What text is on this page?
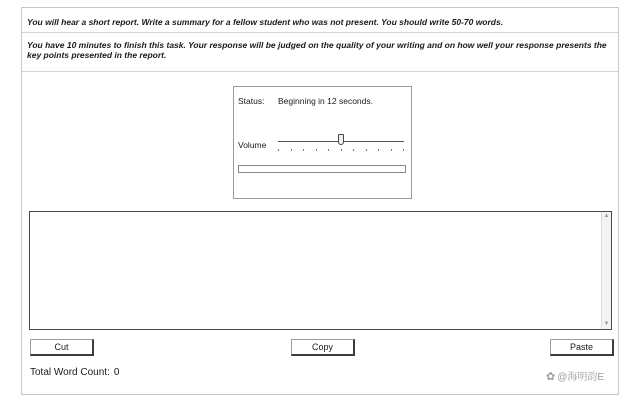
You will hear a short report. Write a summary for a fellow student who was not present. You should write 50-70 words.
You have 10 minutes to finish this task. Your response will be judged on the quality of your writing and on how well your response presents the key points presented in the report.
Status: Beginning in 12 seconds.
Volume
▲
▼
Cut	Copy	Paste
Total Word Count: 0	✿ @海明韵E
